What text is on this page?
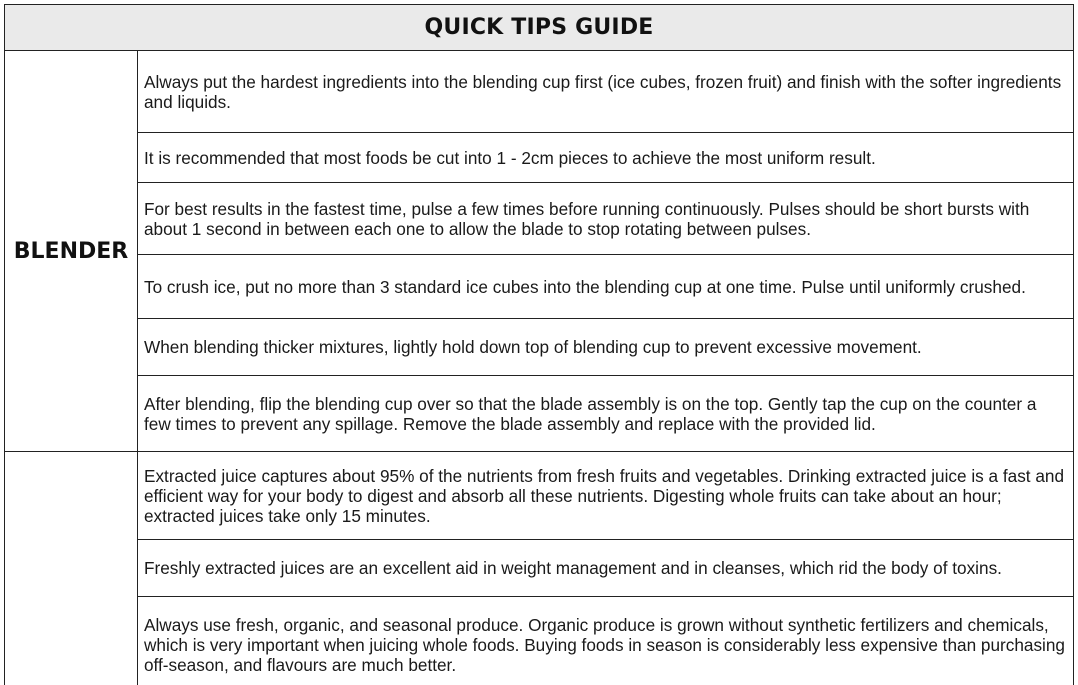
QUICK TIPS GUIDE
BLENDER

Always put the hardest ingredients into the blending cup first (ice cubes, frozen fruit) and finish with the softer ingredients and liquids.

It is recommended that most foods be cut into 1 - 2cm pieces to achieve the most uniform result.

For best results in the fastest time, pulse a few times before running continuously. Pulses should be short bursts with about 1 second in between each one to allow the blade to stop rotating between pulses.

To crush ice, put no more than 3 standard ice cubes into the blending cup at one time. Pulse until uniformly crushed.

When blending thicker mixtures, lightly hold down top of blending cup to prevent excessive movement.

After blending, flip the blending cup over so that the blade assembly is on the top. Gently tap the cup on the counter a few times to prevent any spillage. Remove the blade assembly and replace with the provided lid.

Extracted juice captures about 95% of the nutrients from fresh fruits and vegetables. Drinking extracted juice is a fast and efficient way for your body to digest and absorb all these nutrients. Digesting whole fruits can take about an hour; extracted juices take only 15 minutes.

Freshly extracted juices are an excellent aid in weight management and in cleanses, which rid the body of toxins.

Always use fresh, organic, and seasonal produce. Organic produce is grown without synthetic fertilizers and chemicals, which is very important when juicing whole foods. Buying foods in season is considerably less expensive than purchasing off-season, and flavours are much better.
